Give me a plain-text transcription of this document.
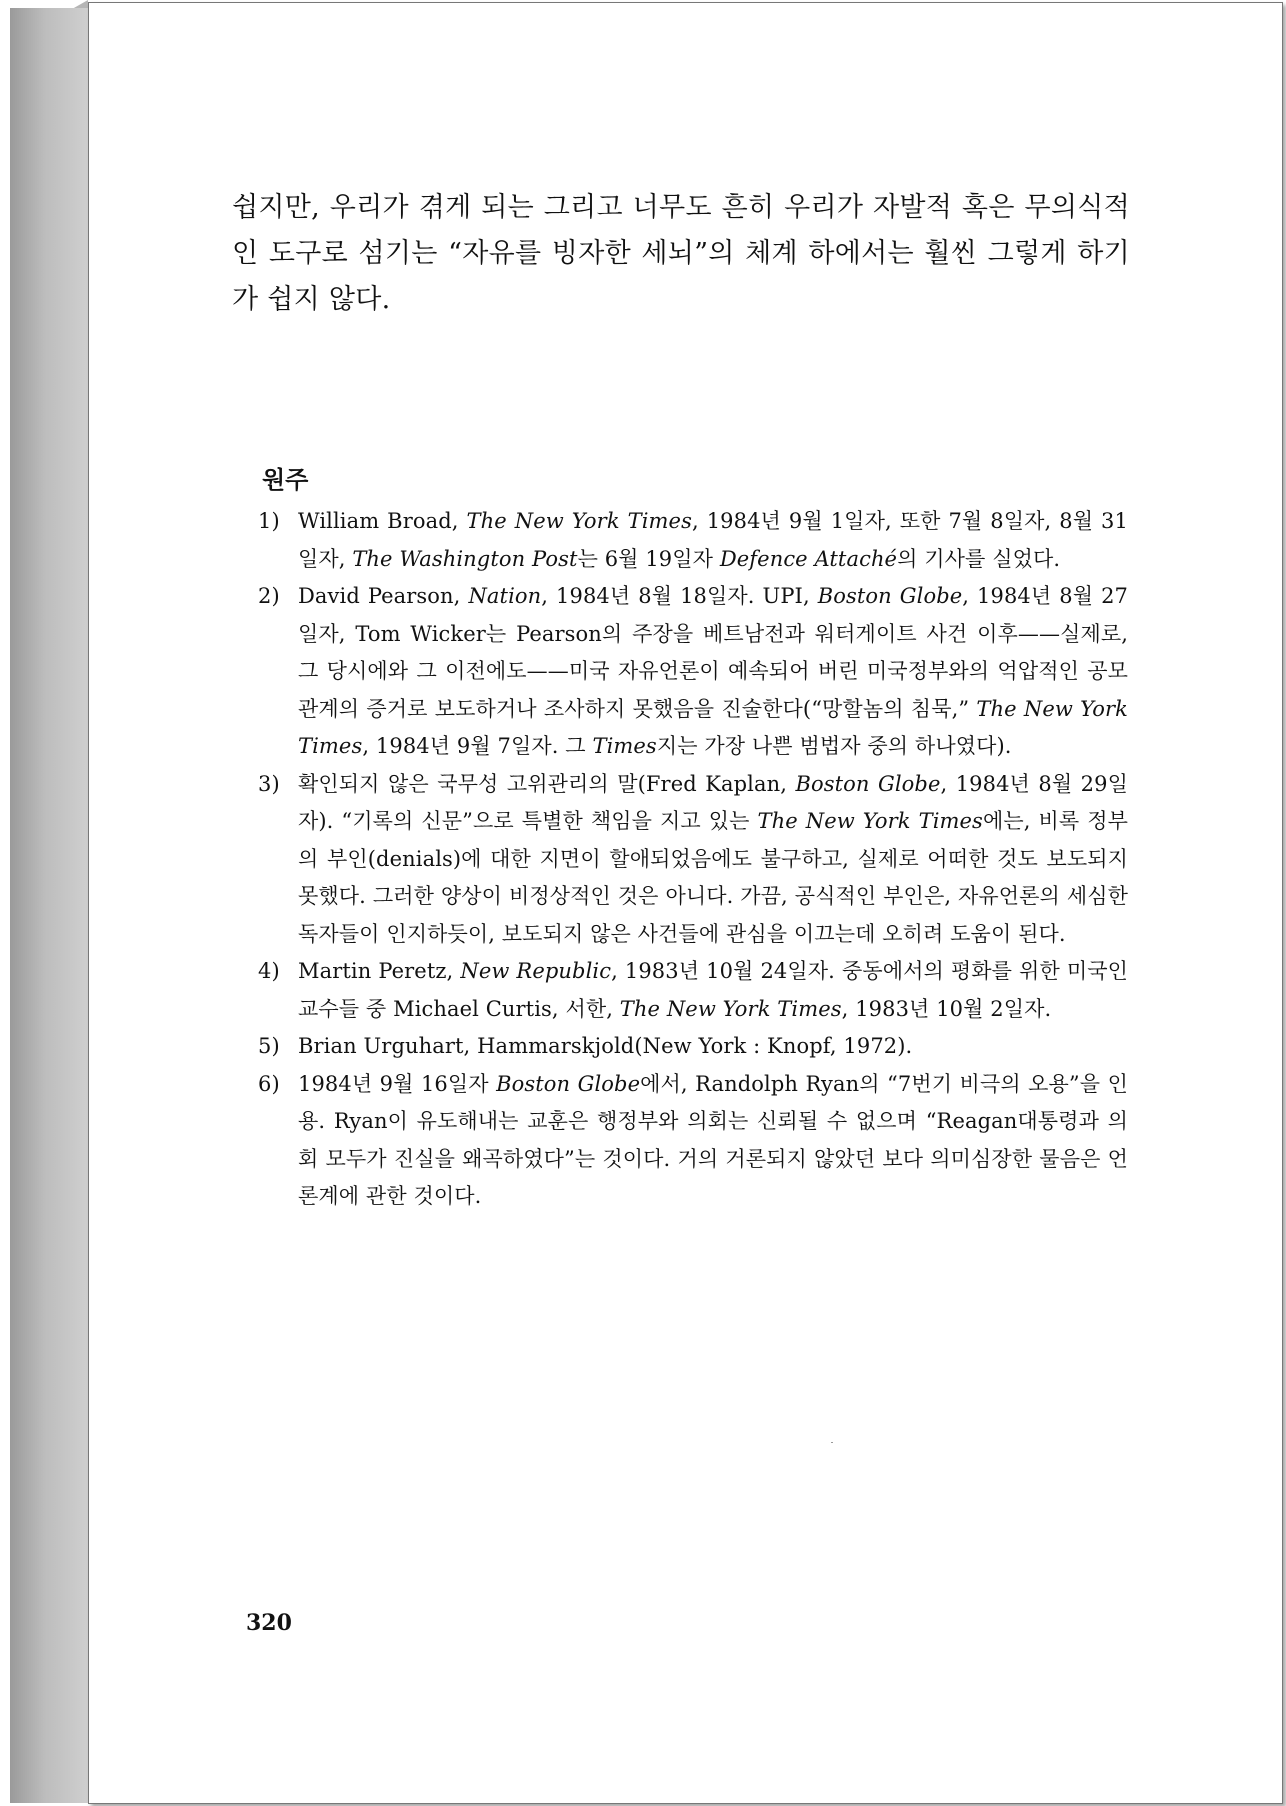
쉽지만, 우리가 겪게 되는 그리고 너무도 흔히 우리가 자발적 혹은 무의식적인 도구로 섬기는 “자유를 빙자한 세뇌”의 체계 하에서는 훨씬 그렇게 하기가 쉽지 않다.

원주
1) William Broad, The New York Times, 1984년 9월 1일자, 또한 7월 8일자, 8월 31일자, The Washington Post는 6월 19일자 Defence Attaché의 기사를 실었다.
2) David Pearson, Nation, 1984년 8월 18일자. UPI, Boston Globe, 1984년 8월 27일자, Tom Wicker는 Pearson의 주장을 베트남전과 워터게이트 사건 이후——실제로, 그 당시에와 그 이전에도——미국 자유언론이 예속되어 버린 미국정부와의 억압적인 공모관계의 증거로 보도하거나 조사하지 못했음을 진술한다(“망할놈의 침묵,” The New York Times, 1984년 9월 7일자. 그 Times지는 가장 나쁜 범법자 중의 하나였다).
3) 확인되지 않은 국무성 고위관리의 말(Fred Kaplan, Boston Globe, 1984년 8월 29일자). “기록의 신문”으로 특별한 책임을 지고 있는 The New York Times에는, 비록 정부의 부인(denials)에 대한 지면이 할애되었음에도 불구하고, 실제로 어떠한 것도 보도되지 못했다. 그러한 양상이 비정상적인 것은 아니다. 가끔, 공식적인 부인은, 자유언론의 세심한 독자들이 인지하듯이, 보도되지 않은 사건들에 관심을 이끄는데 오히려 도움이 된다.
4) Martin Peretz, New Republic, 1983년 10월 24일자. 중동에서의 평화를 위한 미국인 교수들 중 Michael Curtis, 서한, The New York Times, 1983년 10월 2일자.
5) Brian Urguhart, Hammarskjold(New York : Knopf, 1972).
6) 1984년 9월 16일자 Boston Globe에서, Randolph Ryan의 “7번기 비극의 오용”을 인용. Ryan이 유도해내는 교훈은 행정부와 의회는 신뢰될 수 없으며 “Reagan대통령과 의회 모두가 진실을 왜곡하였다”는 것이다. 거의 거론되지 않았던 보다 의미심장한 물음은 언론계에 관한 것이다.

320
